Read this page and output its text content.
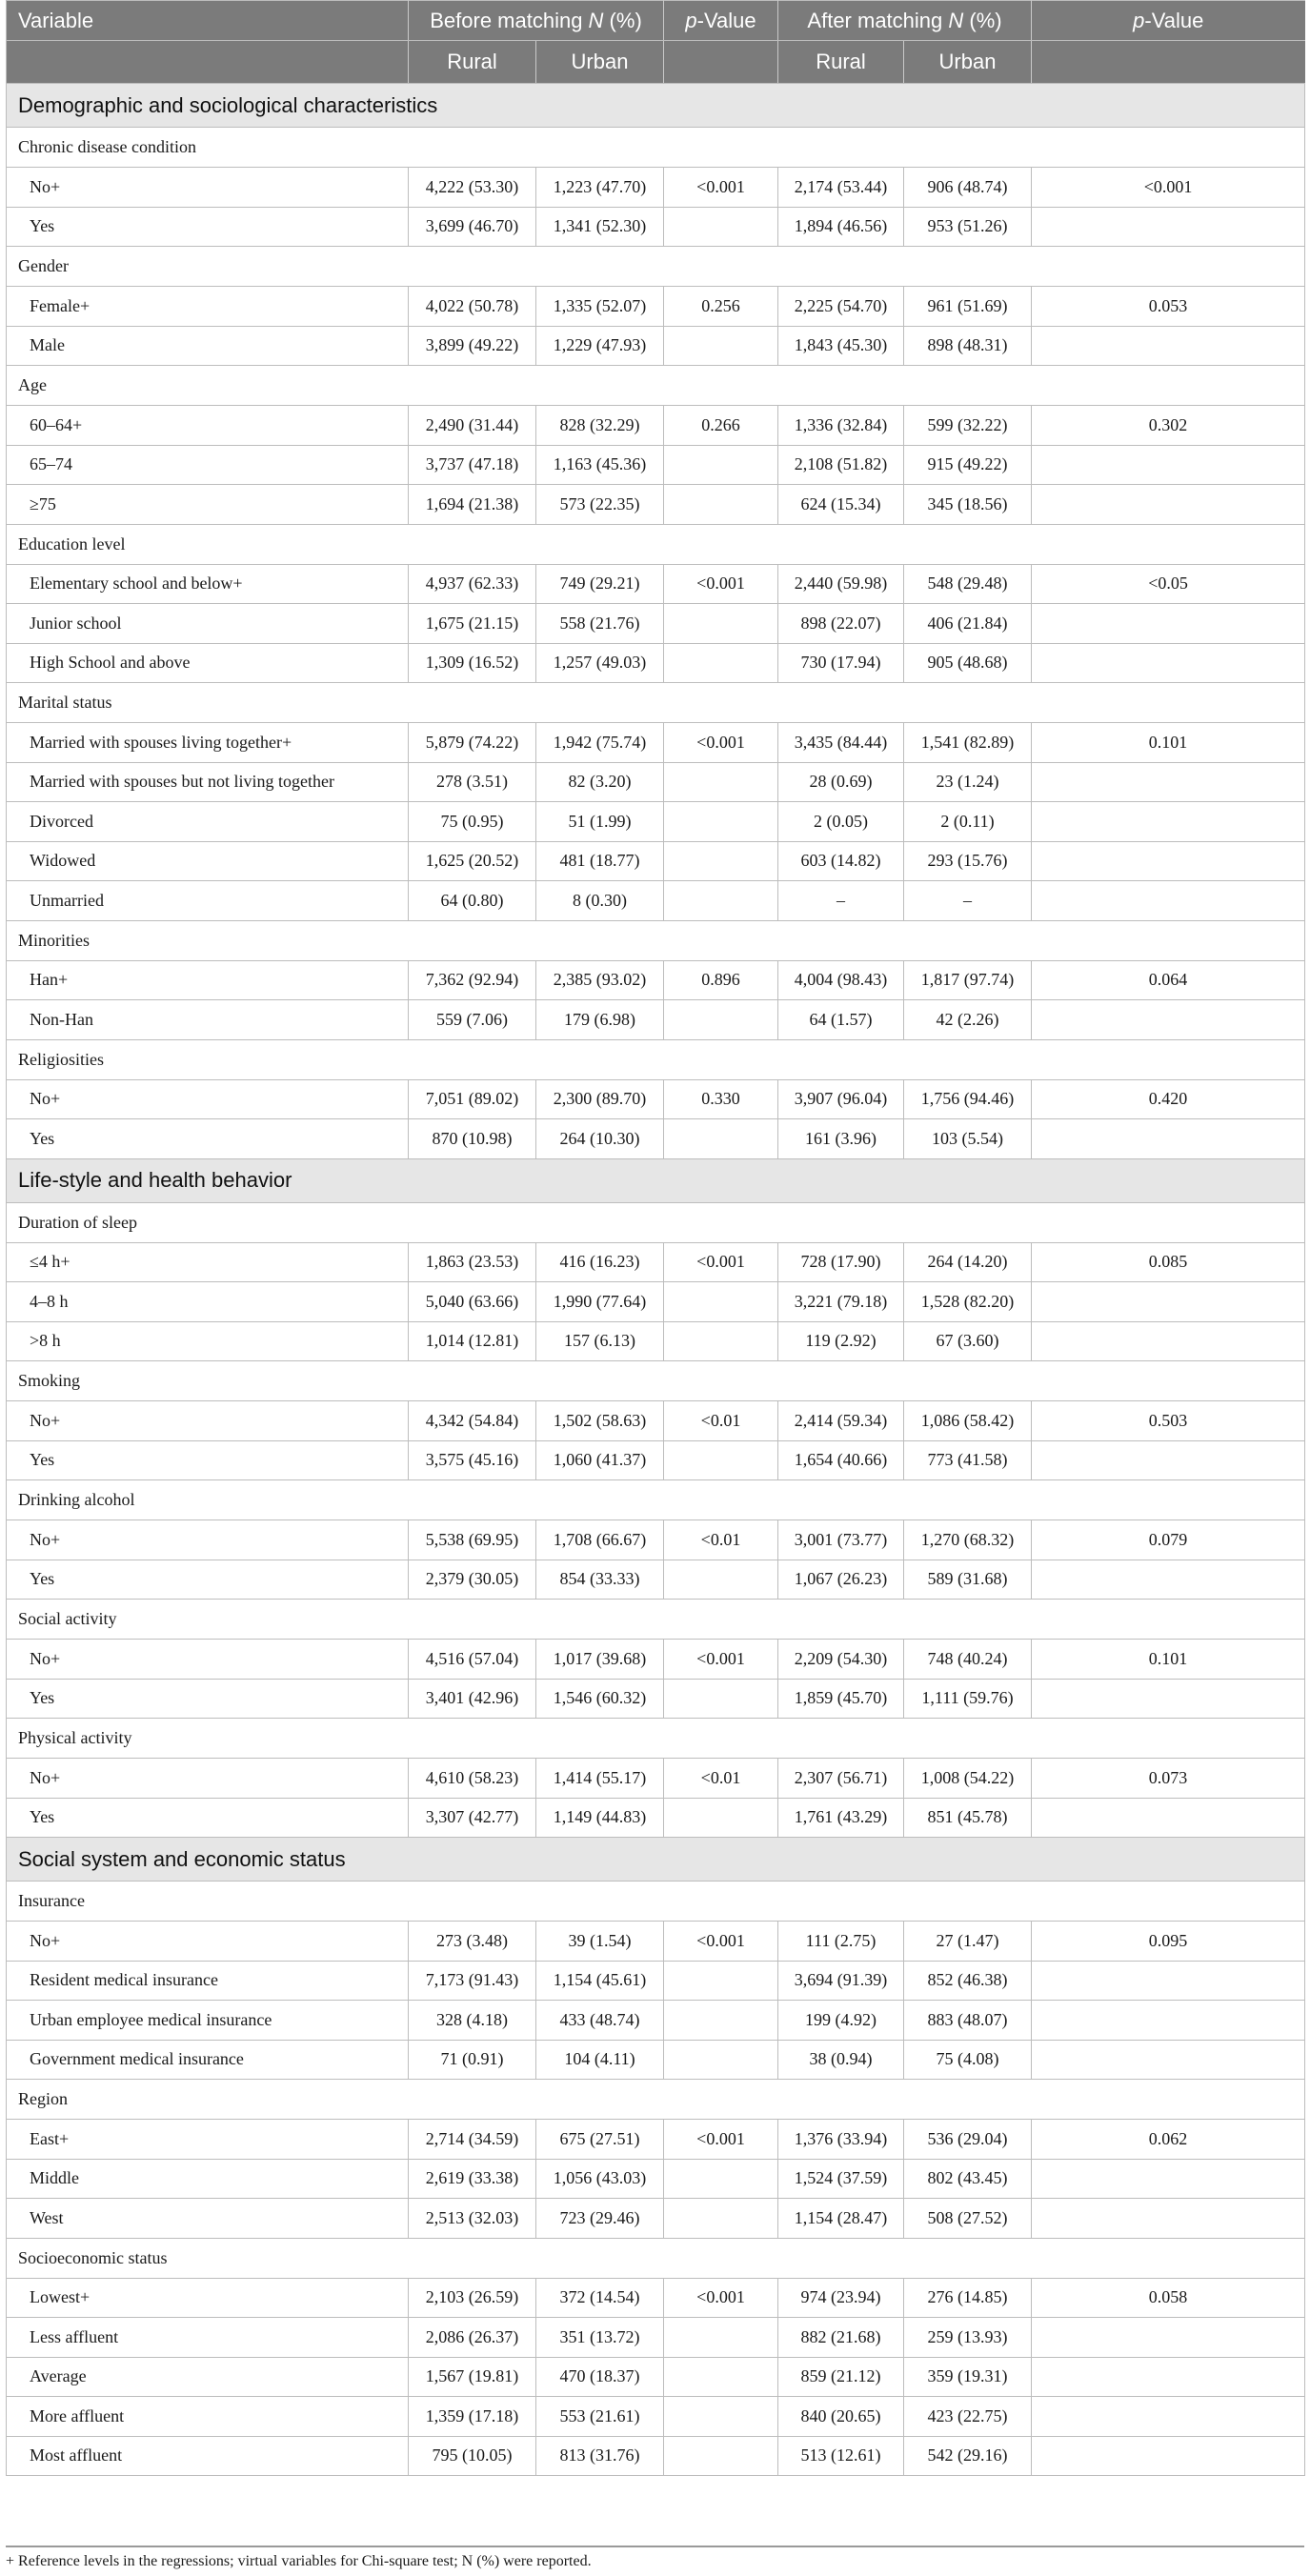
Variable	Before matching N (%)		p-Value	After matching N (%)		p-Value
	Rural	Urban		Rural	Urban	
Demographic and sociological characteristics						
Chronic disease condition						
No+	4,222 (53.30)	1,223 (47.70)	<0.001	2,174 (53.44)	906 (48.74)	<0.001
Yes	3,699 (46.70)	1,341 (52.30)		1,894 (46.56)	953 (51.26)	
Gender						
Female+	4,022 (50.78)	1,335 (52.07)	0.256	2,225 (54.70)	961 (51.69)	0.053
Male	3,899 (49.22)	1,229 (47.93)		1,843 (45.30)	898 (48.31)	
Age						
60–64+	2,490 (31.44)	828 (32.29)	0.266	1,336 (32.84)	599 (32.22)	0.302
65–74	3,737 (47.18)	1,163 (45.36)		2,108 (51.82)	915 (49.22)	
≥75	1,694 (21.38)	573 (22.35)		624 (15.34)	345 (18.56)	
Education level						
Elementary school and below+	4,937 (62.33)	749 (29.21)	<0.001	2,440 (59.98)	548 (29.48)	<0.05
Junior school	1,675 (21.15)	558 (21.76)		898 (22.07)	406 (21.84)	
High School and above	1,309 (16.52)	1,257 (49.03)		730 (17.94)	905 (48.68)	
Marital status						
Married with spouses living together+	5,879 (74.22)	1,942 (75.74)	<0.001	3,435 (84.44)	1,541 (82.89)	0.101
Married with spouses but not living together	278 (3.51)	82 (3.20)		28 (0.69)	23 (1.24)	
Divorced	75 (0.95)	51 (1.99)		2 (0.05)	2 (0.11)	
Widowed	1,625 (20.52)	481 (18.77)		603 (14.82)	293 (15.76)	
Unmarried	64 (0.80)	8 (0.30)		–	–	
Minorities						
Han+	7,362 (92.94)	2,385 (93.02)	0.896	4,004 (98.43)	1,817 (97.74)	0.064
Non-Han	559 (7.06)	179 (6.98)		64 (1.57)	42 (2.26)	
Religiosities						
No+	7,051 (89.02)	2,300 (89.70)	0.330	3,907 (96.04)	1,756 (94.46)	0.420
Yes	870 (10.98)	264 (10.30)		161 (3.96)	103 (5.54)	
Life-style and health behavior						
Duration of sleep						
≤4 h+	1,863 (23.53)	416 (16.23)	<0.001	728 (17.90)	264 (14.20)	0.085
4–8 h	5,040 (63.66)	1,990 (77.64)		3,221 (79.18)	1,528 (82.20)	
>8 h	1,014 (12.81)	157 (6.13)		119 (2.92)	67 (3.60)	
Smoking						
No+	4,342 (54.84)	1,502 (58.63)	<0.01	2,414 (59.34)	1,086 (58.42)	0.503
Yes	3,575 (45.16)	1,060 (41.37)		1,654 (40.66)	773 (41.58)	
Drinking alcohol						
No+	5,538 (69.95)	1,708 (66.67)	<0.01	3,001 (73.77)	1,270 (68.32)	0.079
Yes	2,379 (30.05)	854 (33.33)		1,067 (26.23)	589 (31.68)	
Social activity						
No+	4,516 (57.04)	1,017 (39.68)	<0.001	2,209 (54.30)	748 (40.24)	0.101
Yes	3,401 (42.96)	1,546 (60.32)		1,859 (45.70)	1,111 (59.76)	
Physical activity						
No+	4,610 (58.23)	1,414 (55.17)	<0.01	2,307 (56.71)	1,008 (54.22)	0.073
Yes	3,307 (42.77)	1,149 (44.83)		1,761 (43.29)	851 (45.78)	
Social system and economic status						
Insurance						
No+	273 (3.48)	39 (1.54)	<0.001	111 (2.75)	27 (1.47)	0.095
Resident medical insurance	7,173 (91.43)	1,154 (45.61)		3,694 (91.39)	852 (46.38)	
Urban employee medical insurance	328 (4.18)	433 (48.74)		199 (4.92)	883 (48.07)	
Government medical insurance	71 (0.91)	104 (4.11)		38 (0.94)	75 (4.08)	
Region						
East+	2,714 (34.59)	675 (27.51)	<0.001	1,376 (33.94)	536 (29.04)	0.062
Middle	2,619 (33.38)	1,056 (43.03)		1,524 (37.59)	802 (43.45)	
West	2,513 (32.03)	723 (29.46)		1,154 (28.47)	508 (27.52)	
Socioeconomic status						
Lowest+	2,103 (26.59)	372 (14.54)	<0.001	974 (23.94)	276 (14.85)	0.058
Less affluent	2,086 (26.37)	351 (13.72)		882 (21.68)	259 (13.93)	
Average	1,567 (19.81)	470 (18.37)		859 (21.12)	359 (19.31)	
More affluent	1,359 (17.18)	553 (21.61)		840 (20.65)	423 (22.75)	
Most affluent	795 (10.05)	813 (31.76)		513 (12.61)	542 (29.16)	
+ Reference levels in the regressions; virtual variables for Chi-square test; N (%) were reported.
